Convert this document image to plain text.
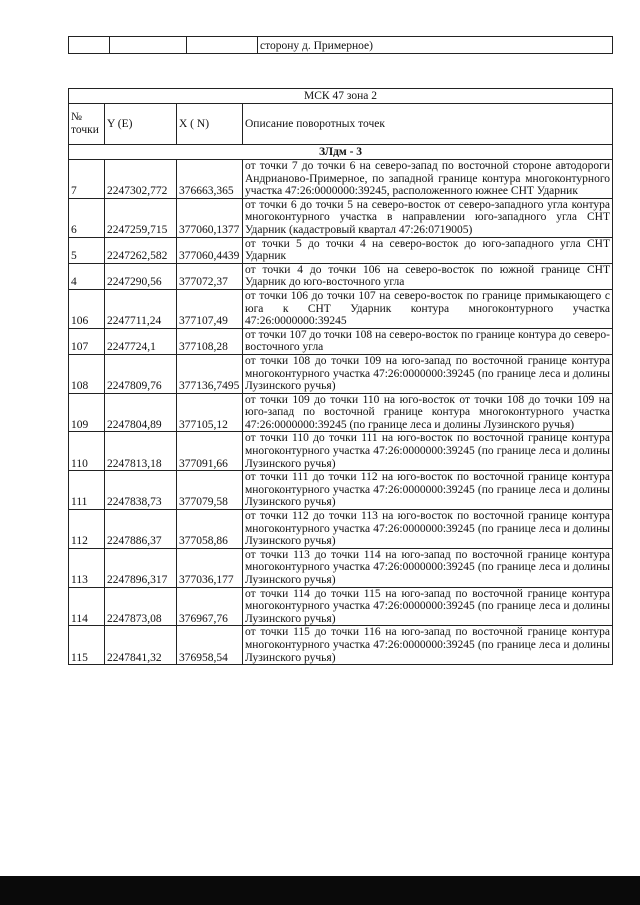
			сторону д. Примерное)
МСК 47 зона 2			
№ точки	Y (E)	X ( N)	Описание поворотных точек
ЗЛдм - 3			
7	2247302,772	376663,365	от точки 7 до точки 6 на северо-запад по восточной стороне автодороги Андрианово-Примерное, по западной границе контура многоконтурного участка 47:26:0000000:39245, расположенного южнее СНТ Ударник
6	2247259,715	377060,1377	от точки 6 до точки 5 на северо-восток от северо-западного угла контура многоконтурного участка в направлении юго-западного угла СНТ Ударник (кадастровый квартал 47:26:0719005)
5	2247262,582	377060,4439	от точки 5 до точки 4 на северо-восток до юго-западного угла СНТ Ударник
4	2247290,56	377072,37	от точки 4 до точки 106 на северо-восток по южной границе СНТ Ударник до юго-восточного угла
106	2247711,24	377107,49	от точки 106 до точки 107 на северо-восток по границе примыкающего с юга к СНТ Ударник контура многоконтурного участка 47:26:0000000:39245
107	2247724,1	377108,28	от точки 107 до точки 108 на северо-восток по границе контура до северо-восточного угла
108	2247809,76	377136,7495	от точки 108 до точки 109 на юго-запад по восточной границе контура многоконтурного участка 47:26:0000000:39245 (по границе леса и долины Лузинского ручья)
109	2247804,89	377105,12	от точки 109 до точки 110 на юго-восток от точки 108 до точки 109 на юго-запад по восточной границе контура многоконтурного участка 47:26:0000000:39245 (по границе леса и долины Лузинского ручья)
110	2247813,18	377091,66	от точки 110 до точки 111 на юго-восток по восточной границе контура многоконтурного участка 47:26:0000000:39245 (по границе леса и долины Лузинского ручья)
111	2247838,73	377079,58	от точки 111 до точки 112 на юго-восток по восточной границе контура многоконтурного участка 47:26:0000000:39245 (по границе леса и долины Лузинского ручья)
112	2247886,37	377058,86	от точки 112 до точки 113 на юго-восток по восточной границе контура многоконтурного участка 47:26:0000000:39245 (по границе леса и долины Лузинского ручья)
113	2247896,317	377036,177	от точки 113 до точки 114 на юго-запад по восточной границе контура многоконтурного участка 47:26:0000000:39245 (по границе леса и долины Лузинского ручья)
114	2247873,08	376967,76	от точки 114 до точки 115 на юго-запад по восточной границе контура многоконтурного участка 47:26:0000000:39245 (по границе леса и долины Лузинского ручья)
115	2247841,32	376958,54	от точки 115 до точки 116 на юго-запад по восточной границе контура многоконтурного участка 47:26:0000000:39245 (по границе леса и долины Лузинского ручья)
